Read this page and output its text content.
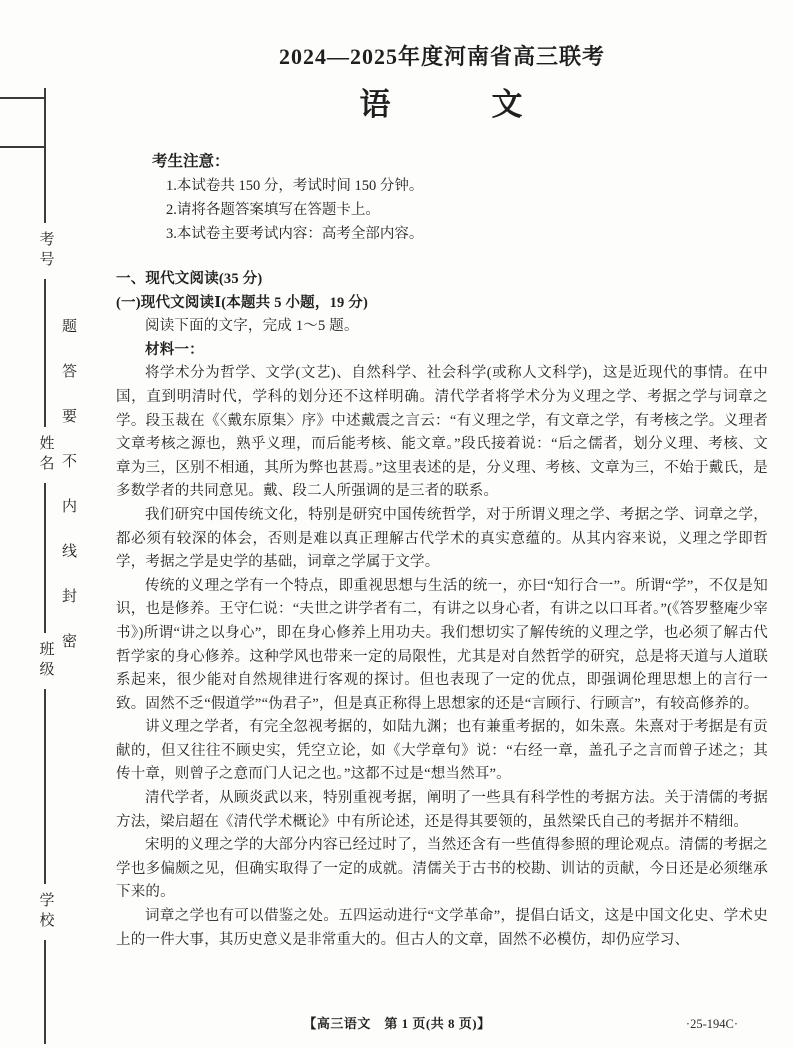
考号
姓名
班级
学校
题答要不内线封密
2024—2025年度河南省高三联考
语　　　文

考生注意：

1.本试卷共 150 分，考试时间 150 分钟。

2.请将各题答案填写在答题卡上。

3.本试卷主要考试内容：高考全部内容。

一、现代文阅读(35 分)

(一)现代文阅读Ⅰ(本题共 5 小题，19 分)

阅读下面的文字，完成 1～5 题。

材料一：

将学术分为哲学、文学(文艺)、自然科学、社会科学(或称人文科学)，这是近现代的事情。在中国，直到明清时代，学科的划分还不这样明确。清代学者将学术分为义理之学、考据之学与词章之学。段玉裁在《〈戴东原集〉序》中述戴震之言云：“有义理之学，有文章之学，有考核之学。义理者文章考核之源也，熟乎义理，而后能考核、能文章。”段氏接着说：“后之儒者，划分义理、考核、文章为三，区别不相通，其所为弊也甚焉。”这里表述的是，分义理、考核、文章为三，不始于戴氏，是多数学者的共同意见。戴、段二人所强调的是三者的联系。

我们研究中国传统文化，特别是研究中国传统哲学，对于所谓义理之学、考据之学、词章之学，都必须有较深的体会，否则是难以真正理解古代学术的真实意蕴的。从其内容来说，义理之学即哲学，考据之学是史学的基础，词章之学属于文学。

传统的义理之学有一个特点，即重视思想与生活的统一，亦曰“知行合一”。所谓“学”，不仅是知识，也是修养。王守仁说：“夫世之讲学者有二，有讲之以身心者，有讲之以口耳者。”(《答罗整庵少宰书》)所谓“讲之以身心”，即在身心修养上用功夫。我们想切实了解传统的义理之学，也必须了解古代哲学家的身心修养。这种学风也带来一定的局限性，尤其是对自然哲学的研究，总是将天道与人道联系起来，很少能对自然规律进行客观的探讨。但也表现了一定的优点，即强调伦理思想上的言行一致。固然不乏“假道学”“伪君子”，但是真正称得上思想家的还是“言顾行、行顾言”，有较高修养的。

讲义理之学者，有完全忽视考据的，如陆九渊；也有兼重考据的，如朱熹。朱熹对于考据是有贡献的，但又往往不顾史实，凭空立论，如《大学章句》说：“右经一章，盖孔子之言而曾子述之；其传十章，则曾子之意而门人记之也。”这都不过是“想当然耳”。

清代学者，从顾炎武以来，特别重视考据，阐明了一些具有科学性的考据方法。关于清儒的考据方法，梁启超在《清代学术概论》中有所论述，还是得其要领的，虽然梁氏自己的考据并不精细。

宋明的义理之学的大部分内容已经过时了，当然还含有一些值得参照的理论观点。清儒的考据之学也多偏颇之见，但确实取得了一定的成就。清儒关于古书的校勘、训诂的贡献，今日还是必须继承下来的。

词章之学也有可以借鉴之处。五四运动进行“文学革命”，提倡白话文，这是中国文化史、学术史上的一件大事，其历史意义是非常重大的。但古人的文章，固然不必模仿，却仍应学习、

【高三语文　第 1 页(共 8 页)】	·25-194C·
